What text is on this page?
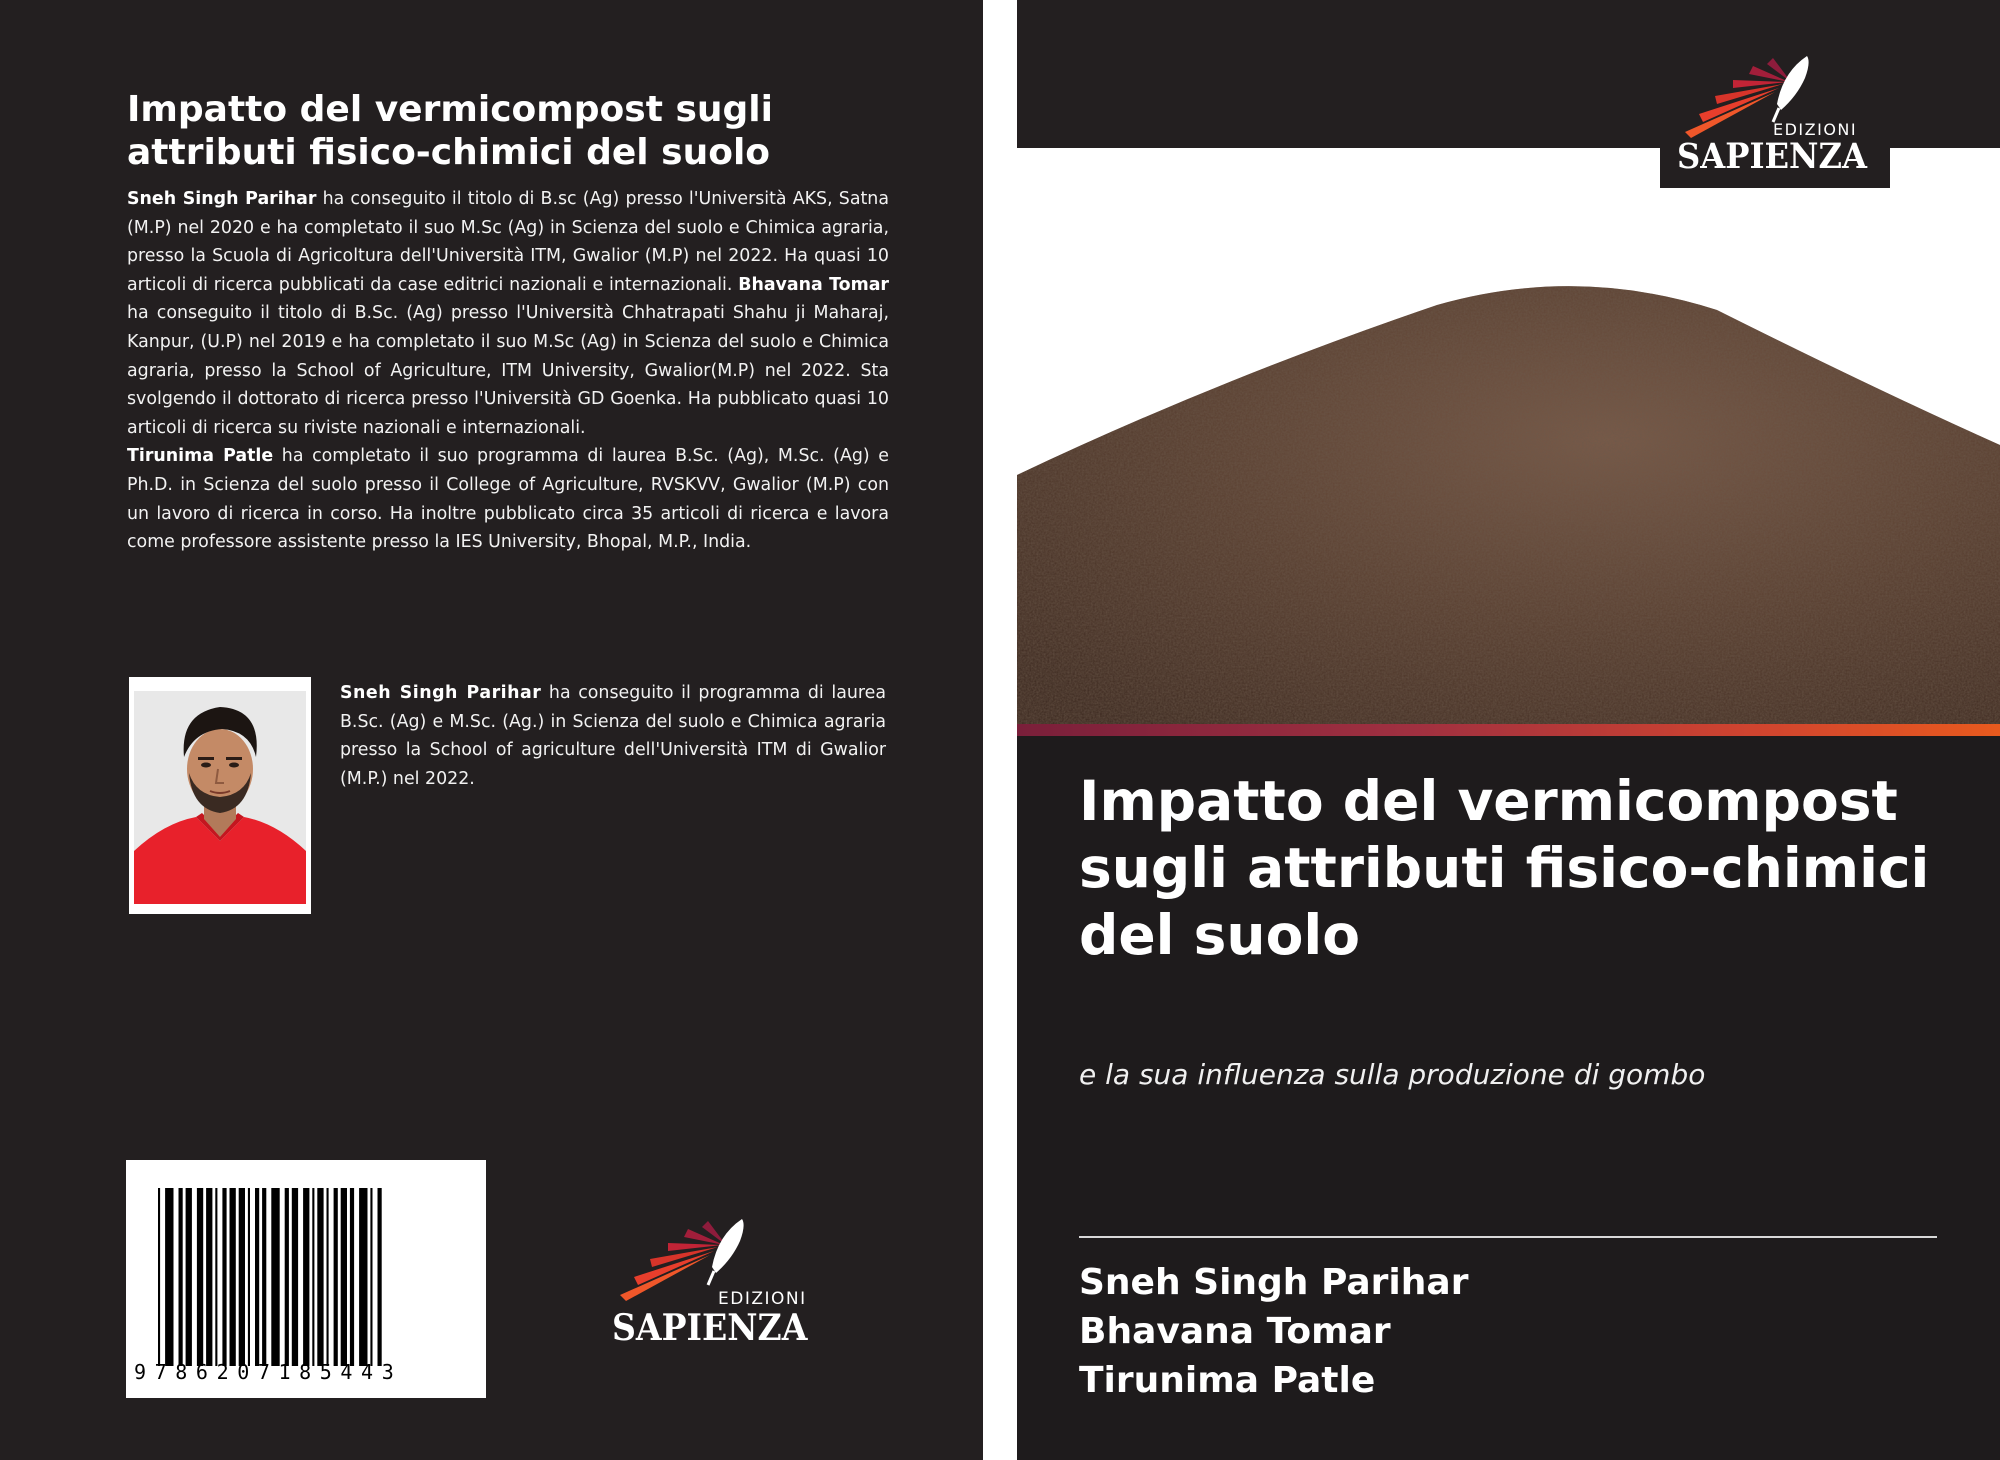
Impatto del vermicompost sugli attributi fisico-chimici del suolo
Sneh Singh Parihar ha conseguito il titolo di B.sc (Ag) presso l'Università AKS, Satna (M.P) nel 2020 e ha completato il suo M.Sc (Ag) in Scienza del suolo e Chimica agraria, presso la Scuola di Agricoltura dell'Università ITM, Gwalior (M.P) nel 2022. Ha quasi 10 articoli di ricerca pubblicati da case editrici nazionali e internazionali. Bhavana Tomar ha conseguito il titolo di B.Sc. (Ag) presso l'Università Chhatrapati Shahu ji Maharaj, Kanpur, (U.P) nel 2019 e ha completato il suo M.Sc (Ag) in Scienza del suolo e Chimica agraria, presso la School of Agriculture, ITM University, Gwalior(M.P) nel 2022. Sta svolgendo il dottorato di ricerca presso l'Università GD Goenka. Ha pubblicato quasi 10 articoli di ricerca su riviste nazionali e internazionali.
Tirunima Patle ha completato il suo programma di laurea B.Sc. (Ag), M.Sc. (Ag) e Ph.D. in Scienza del suolo presso il College of Agriculture, RVSKVV, Gwalior (M.P) con un lavoro di ricerca in corso. Ha inoltre pubblicato circa 35 articoli di ricerca e lavora come professore assistente presso la IES University, Bhopal, M.P., India.
Sneh Singh Parihar ha conseguito il programma di laurea B.Sc. (Ag) e M.Sc. (Ag.) in Scienza del suolo e Chimica agraria presso la School of agriculture dell'Università ITM di Gwalior (M.P.) nel 2022.
9786207185443
EDIZIONI
SAPIENZA
EDIZIONI
SAPIENZA
Impatto del vermicompost sugli attributi fisico-chimici del suolo
e la sua influenza sulla produzione di gombo
Sneh Singh Parihar
Bhavana Tomar
Tirunima Patle
